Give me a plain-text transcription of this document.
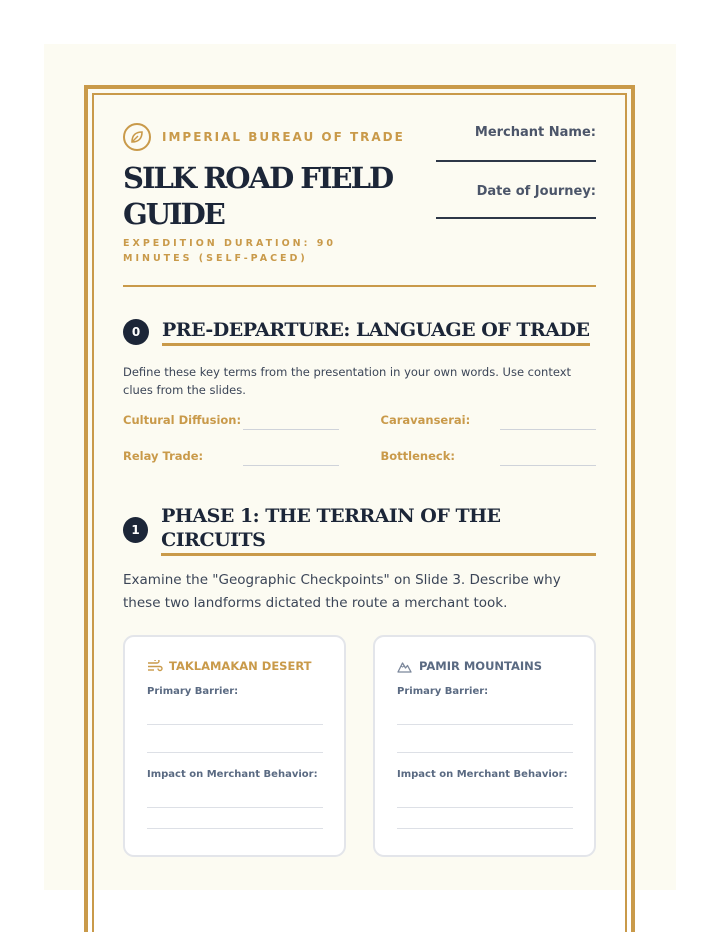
IMPERIAL BUREAU OF TRADE
SILK ROAD FIELD GUIDE
EXPEDITION DURATION: 90 MINUTES (SELF-PACED)
Merchant Name:
Date of Journey:
0	PRE-DEPARTURE: LANGUAGE OF TRADE
Define these key terms from the presentation in your own words. Use context clues from the slides.
Cultural Diffusion:	Caravanserai:
Relay Trade:	Bottleneck:
1
PHASE 1: THE TERRAIN OF THE CIRCUITS
Examine the "Geographic Checkpoints" on Slide 3. Describe why these two landforms dictated the route a merchant took.
TAKLAMAKAN DESERT
Primary Barrier:
Impact on Merchant Behavior:
PAMIR MOUNTAINS
Primary Barrier:
Impact on Merchant Behavior:
